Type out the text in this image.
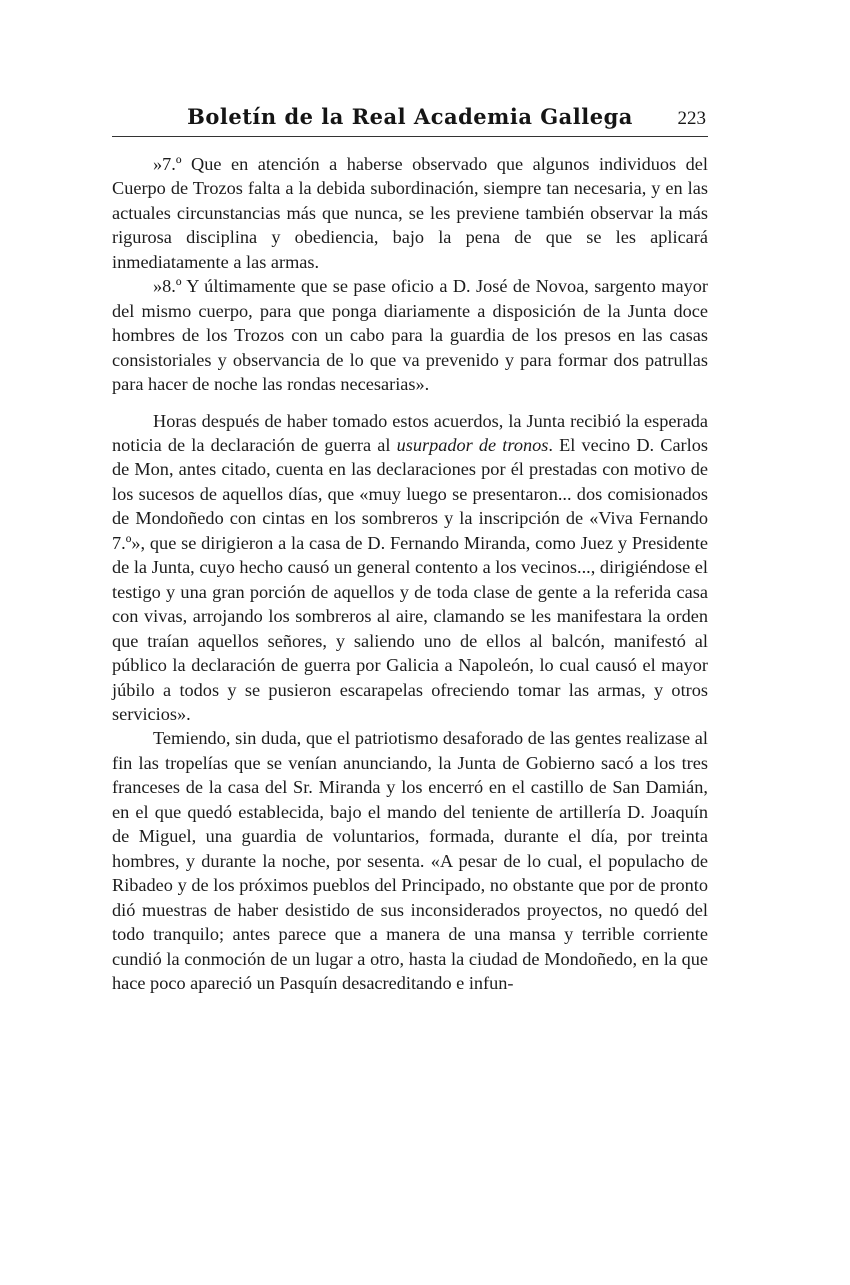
Boletín de la Real Academia Gallega	223

»7.º Que en atención a haberse observado que algunos individuos del Cuerpo de Trozos falta a la debida subordinación, siempre tan necesaria, y en las actuales circunstancias más que nunca, se les previene también observar la más rigurosa disciplina y obediencia, bajo la pena de que se les aplicará inmediatamente a las armas.

»8.º Y últimamente que se pase oficio a D. José de Novoa, sargento mayor del mismo cuerpo, para que ponga diariamente a disposición de la Junta doce hombres de los Trozos con un cabo para la guardia de los presos en las casas consistoriales y observancia de lo que va prevenido y para formar dos patrullas para hacer de noche las rondas necesarias».

Horas después de haber tomado estos acuerdos, la Junta recibió la esperada noticia de la declaración de guerra al usurpador de tronos. El vecino D. Carlos de Mon, antes citado, cuenta en las declaraciones por él prestadas con motivo de los sucesos de aquellos días, que «muy luego se presentaron... dos comisionados de Mondoñedo con cintas en los sombreros y la inscripción de «Viva Fernando 7.º», que se dirigieron a la casa de D. Fernando Miranda, como Juez y Presidente de la Junta, cuyo hecho causó un general contento a los vecinos..., dirigiéndose el testigo y una gran porción de aquellos y de toda clase de gente a la referida casa con vivas, arrojando los sombreros al aire, clamando se les manifestara la orden que traían aquellos señores, y saliendo uno de ellos al balcón, manifestó al público la declaración de guerra por Galicia a Napoleón, lo cual causó el mayor júbilo a todos y se pusieron escarapelas ofreciendo tomar las armas, y otros servicios».

Temiendo, sin duda, que el patriotismo desaforado de las gentes realizase al fin las tropelías que se venían anunciando, la Junta de Gobierno sacó a los tres franceses de la casa del Sr. Miranda y los encerró en el castillo de San Damián, en el que quedó establecida, bajo el mando del teniente de artillería D. Joaquín de Miguel, una guardia de voluntarios, formada, durante el día, por treinta hombres, y durante la noche, por sesenta. «A pesar de lo cual, el populacho de Ribadeo y de los próximos pueblos del Principado, no obstante que por de pronto dió muestras de haber desistido de sus inconsiderados proyectos, no quedó del todo tranquilo; antes parece que a manera de una mansa y terrible corriente cundió la conmoción de un lugar a otro, hasta la ciudad de Mondoñedo, en la que hace poco apareció un Pasquín desacreditando e infun-
